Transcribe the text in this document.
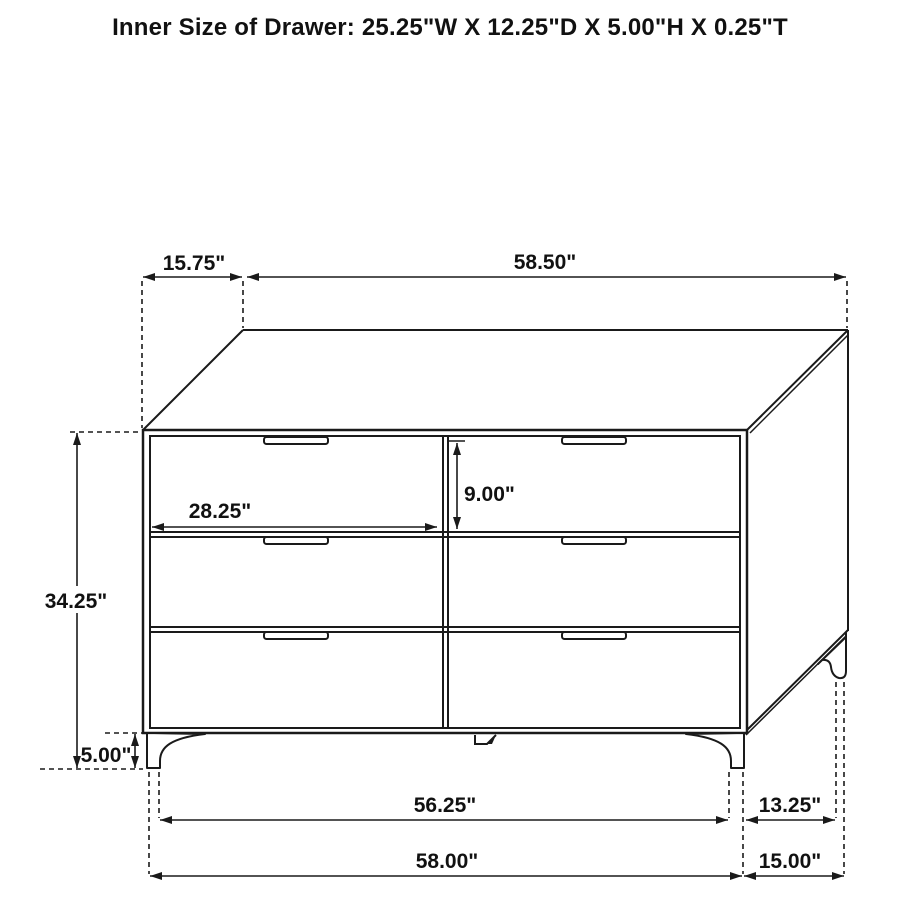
Inner Size of Drawer: 25.25"W X 12.25"D X 5.00"H X 0.25"T
15.75"	58.50"
34.25"
5.00"
28.25"
9.00"
56.25"
58.00"
13.25"
15.00"
